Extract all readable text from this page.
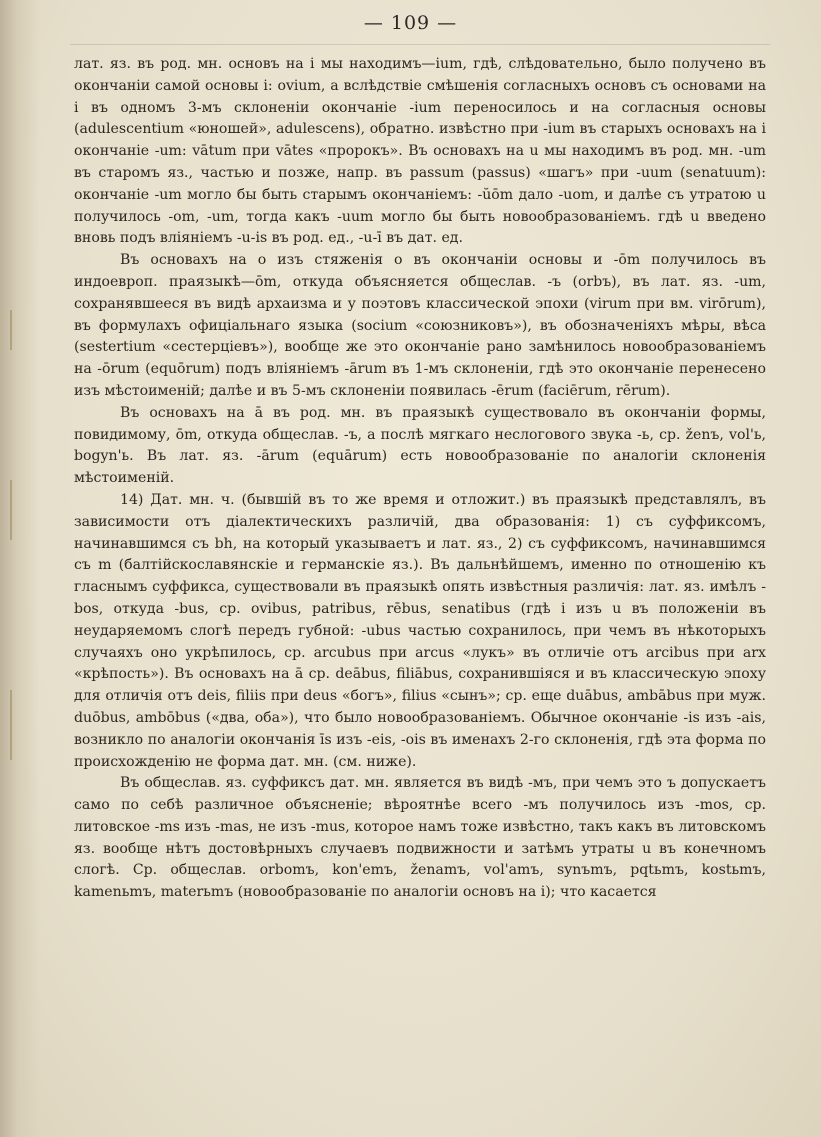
— 109 —

лат. яз. въ род. мн. основъ на i мы находимъ—ium, гдѣ, слѣдовательно, было получено въ окончаніи самой основы i: ovium, а вслѣдствіе смѣшенія согласныхъ основъ съ основами на i въ одномъ 3-мъ склоненіи окончаніе -ium переносилось и на согласныя основы (adulescentium «юношей», adulescens), обратно. извѣстно при -ium въ старыхъ основахъ на i окончаніе -um: vātum при vātes «пророкъ». Въ основахъ на u мы находимъ въ род. мн. -um въ старомъ яз., частью и позже, напр. въ passum (passus) «шагъ» при -uum (senatuum): окончаніе -um могло бы быть старымъ окончаніемъ: -ŭōm дало -uom, и далѣе съ утратою u получилось -om, -um, тогда какъ -uum могло бы быть новообразованіемъ. гдѣ u введено вновь подъ вліяніемъ -u-is въ род. ед., -u-ī въ дат. ед.

Въ основахъ на о изъ стяженія о въ окончаніи основы и -ōm получилось въ индоевроп. праязыкѣ—ōm, откуда объясняется общеслав. -ъ (orbъ), въ лат. яз. -um, сохранявшееся въ видѣ архаизма и у поэтовъ классической эпохи (virum при вм. virōrum), въ формулахъ офиціальнаго языка (socium «союзниковъ»), въ обозначеніяхъ мѣры, вѣса (sestertium «сестерціевъ»), вообще же это окончаніе рано замѣнилось новообразованіемъ на -ōrum (equōrum) подъ вліяніемъ -ārum въ 1-мъ склоненіи, гдѣ это окончаніе перенесено изъ мѣстоименій; далѣе и въ 5-мъ склоненіи появилась -ērum (faciērum, rērum).

Въ основахъ на ā въ род. мн. въ праязыкѣ существовало въ окончаніи формы, повидимому, ōm, откуда общеслав. -ъ, а послѣ мягкаго неслогового звука -ь, ср. ženъ, vol'ь, bogyn'ь. Въ лат. яз. -ārum (equārum) есть новообразованіе по аналогіи склоненія мѣстоименій.

14) Дат. мн. ч. (бывшій въ то же время и отложит.) въ праязыкѣ представлялъ, въ зависимости отъ діалектическихъ различій, два образованія: 1) съ суффиксомъ, начинавшимся съ bh, на который указываетъ и лат. яз., 2) съ суффиксомъ, начинавшимся съ m (балтійскославянскіе и германскіе яз.). Въ дальнѣйшемъ, именно по отношенію къ гласнымъ суффикса, существовали въ праязыкѣ опять извѣстныя различія: лат. яз. имѣлъ -bos, откуда -bus, ср. ovibus, patribus, rēbus, senatibus (гдѣ i изъ u въ положеніи въ неударяемомъ слогѣ передъ губной: -ubus частью сохранилось, при чемъ въ нѣкоторыхъ случаяхъ оно укрѣпилось, ср. arcubus при arcus «лукъ» въ отличіе отъ arcibus при arx «крѣпость»). Въ основахъ на ā ср. deābus, filiābus, сохранившіяся и въ классическую эпоху для отличія отъ deis, filiis при deus «богъ», filius «сынъ»; ср. еще duābus, ambābus при муж. duōbus, ambōbus («два, оба»), что было новообразованіемъ. Обычное окончаніе -is изъ -ais, возникло по аналогіи окончанія īs изъ -eis, -ois въ именахъ 2-го склоненія, гдѣ эта форма по происхожденію не форма дат. мн. (см. ниже).

Въ общеслав. яз. суффиксъ дат. мн. является въ видѣ -мъ, при чемъ это ъ допускаетъ само по себѣ различное объясненіе; вѣроятнѣе всего -мъ получилось изъ -mos, ср. литовское -ms изъ -mas, не изъ -mus, которое намъ тоже извѣстно, такъ какъ въ литовскомъ яз. вообще нѣтъ достовѣрныхъ случаевъ подвижности и затѣмъ утраты u въ конечномъ слогѣ. Ср. общеслав. orbomъ, kon'emъ, ženamъ, vol'amъ, synъmъ, pqtьmъ, kostьmъ, kamenьmъ, materьmъ (новообразованіе по аналогіи основъ на i); что касается
